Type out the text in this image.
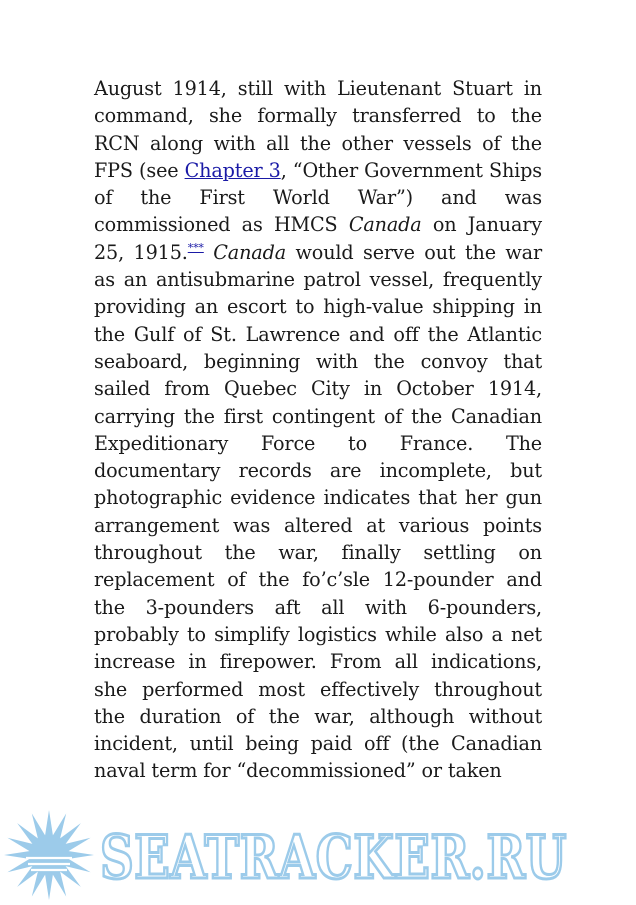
August 1914, still with Lieutenant Stuart in command, she formally transferred to the RCN along with all the other vessels of the FPS (see Chapter 3, “Other Government Ships of the First World War”) and was commissioned as HMCS Canada on January 25, 1915.*** Canada would serve out the war as an antisubmarine patrol vessel, frequently providing an escort to high-value shipping in the Gulf of St. Lawrence and off the Atlantic seaboard, beginning with the convoy that sailed from Quebec City in October 1914, carrying the first contingent of the Canadian Expeditionary Force to France. The documentary records are incomplete, but photographic evidence indicates that her gun arrangement was altered at various points throughout the war, finally settling on replacement of the fo’c’sle 12-pounder and the 3-pounders aft all with 6-pounders, probably to simplify logistics while also a net increase in firepower. From all indications, she performed most effectively throughout the duration of the war, although without incident, until being paid off (the Canadian naval term for “decommissioned” or taken
SEATRACKER.RU
